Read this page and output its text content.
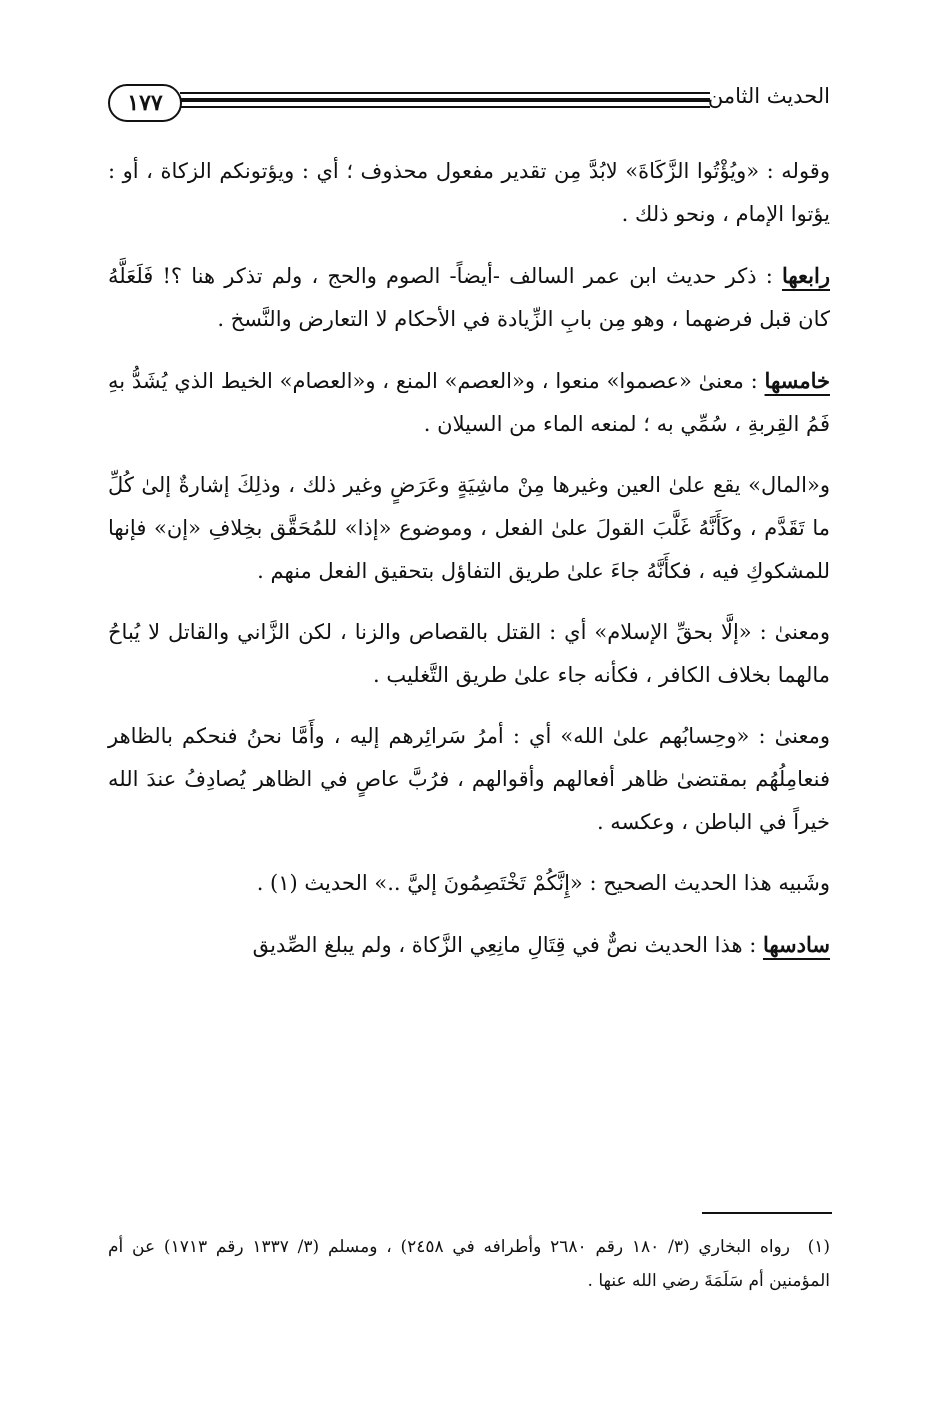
١٧٧	الحديث الثامن

وقوله : «ويُؤْتُوا الزَّكَاةَ» لابُدَّ مِن تقدير مفعول محذوف ؛ أي : ويؤتونكم الزكاة ، أو : يؤتوا الإمام ، ونحو ذلك .

رابعها : ذكر حديث ابن عمر السالف -أيضاً- الصوم والحج ، ولم تذكر هنا ؟! فَلَعَلَّهُ كان قبل فرضهما ، وهو مِن بابِ الزِّيادة في الأحكام لا التعارض والنَّسخ .

خامسها : معنىٰ «عصموا» منعوا ، و«العصم» المنع ، و«العصام» الخيط الذي يُشَدُّ بهِ فَمُ القِربةِ ، سُمِّي به ؛ لمنعه الماء من السيلان .

و«المال» يقع علىٰ العين وغيرها مِنْ ماشِيَةٍ وعَرَضٍ وغير ذلك ، وذلِكَ إشارةٌ إلىٰ كُلِّ ما تَقَدَّم ، وكَأَنَّهُ غَلَّبَ القولَ علىٰ الفعل ، وموضوع «إذا» للمُحَقَّق بخِلافِ «إن» فإنها للمشكوكِ فيه ، فكأَنَّهُ جاءَ علىٰ طريق التفاؤل بتحقيق الفعل منهم .

ومعنىٰ : «إلَّا بحقِّ الإسلام» أي : القتل بالقصاص والزنا ، لكن الزَّاني والقاتل لا يُباحُ مالهما بخلاف الكافر ، فكأنه جاء علىٰ طريق التَّغليب .

ومعنىٰ : «وحِسابُهم علىٰ الله» أي : أمرُ سَرائِرهم إليه ، وأَمَّا نحنُ فنحكم بالظاهر فنعامِلُهُم بمقتضىٰ ظاهر أفعالهم وأقوالهم ، فرُبَّ عاصٍ في الظاهر يُصادِفُ عندَ الله خيراً في الباطن ، وعكسه .

وشَبيه هذا الحديث الصحيح : «إِنَّكُمْ تَخْتَصِمُونَ إليَّ ..» الحديث (١) .

سادسها : هذا الحديث نصٌّ في قِتَالِ مانِعِي الزَّكاة ، ولم يبلغ الصِّديق

(١)رواه البخاري (٣/ ١٨٠ رقم ٢٦٨٠ وأطرافه في ٢٤٥٨) ، ومسلم (٣/ ١٣٣٧ رقم ١٧١٣) عن أم المؤمنين أم سَلَمَةَ رضي الله عنها .
